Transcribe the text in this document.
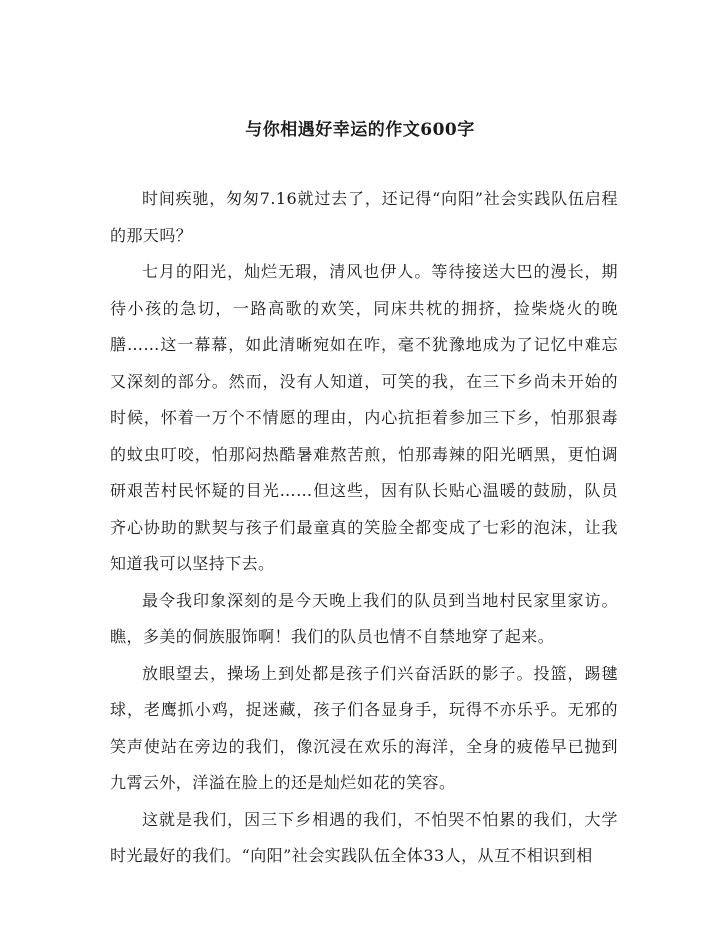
与你相遇好幸运的作文600字

时间疾驰，匆匆7.16就过去了，还记得“向阳”社会实践队伍启程的那天吗？

七月的阳光，灿烂无瑕，清风也伊人。等待接送大巴的漫长，期待小孩的急切，一路高歌的欢笑，同床共枕的拥挤，捡柴烧火的晚膳……这一幕幕，如此清晰宛如在咋，毫不犹豫地成为了记忆中难忘又深刻的部分。然而，没有人知道，可笑的我，在三下乡尚未开始的时候，怀着一万个不情愿的理由，内心抗拒着参加三下乡，怕那狠毒的蚊虫叮咬，怕那闷热酷暑难熬苦煎，怕那毒辣的阳光晒黑，更怕调研艰苦村民怀疑的目光……但这些，因有队长贴心温暖的鼓励，队员齐心协助的默契与孩子们最童真的笑脸全都变成了七彩的泡沫，让我知道我可以坚持下去。

最令我印象深刻的是今天晚上我们的队员到当地村民家里家访。瞧，多美的侗族服饰啊！我们的队员也情不自禁地穿了起来。

放眼望去，操场上到处都是孩子们兴奋活跃的影子。投篮，踢毽球，老鹰抓小鸡，捉迷藏，孩子们各显身手，玩得不亦乐乎。无邪的笑声使站在旁边的我们，像沉浸在欢乐的海洋，全身的疲倦早已抛到九霄云外，洋溢在脸上的还是灿烂如花的笑容。

这就是我们，因三下乡相遇的我们，不怕哭不怕累的我们，大学时光最好的我们。“向阳”社会实践队伍全体33人，从互不相识到相
